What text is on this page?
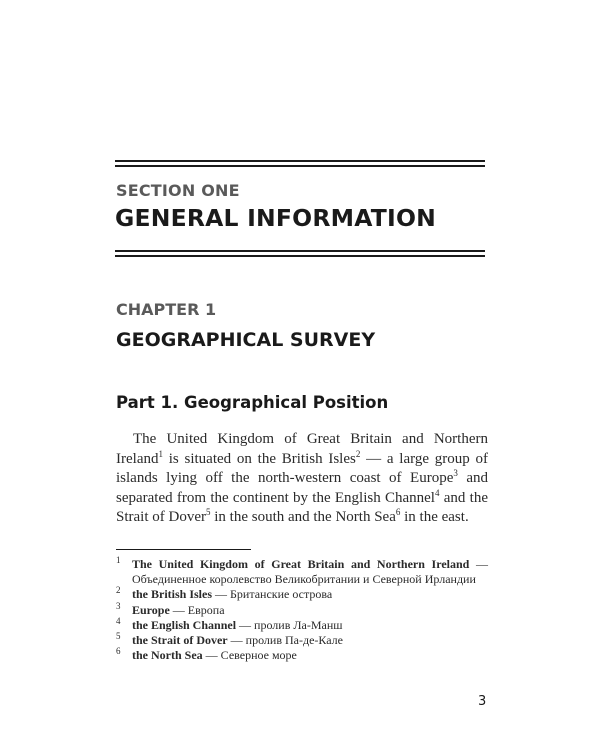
SECTION ONE
GENERAL INFORMATION
CHAPTER 1
GEOGRAPHICAL SURVEY
Part 1. Geographical Position

The United Kingdom of Great Britain and Northern Ireland$^1$ is situated on the British Isles$^2$ — a large group of islands lying off the north-western coast of Europe$^3$ and separated from the continent by the English Channel$^4$ and the Strait of Dover$^5$ in the south and the North Sea$^6$ in the east.

1 The United Kingdom of Great Britain and Northern Ireland — Объединенное королевство Великобритании и Северной Ирландии
2 the British Isles — Британские острова
3 Europe — Европа
4 the English Channel — пролив Ла-Манш
5 the Strait of Dover — пролив Па-де-Кале
6 the North Sea — Северное море
3
